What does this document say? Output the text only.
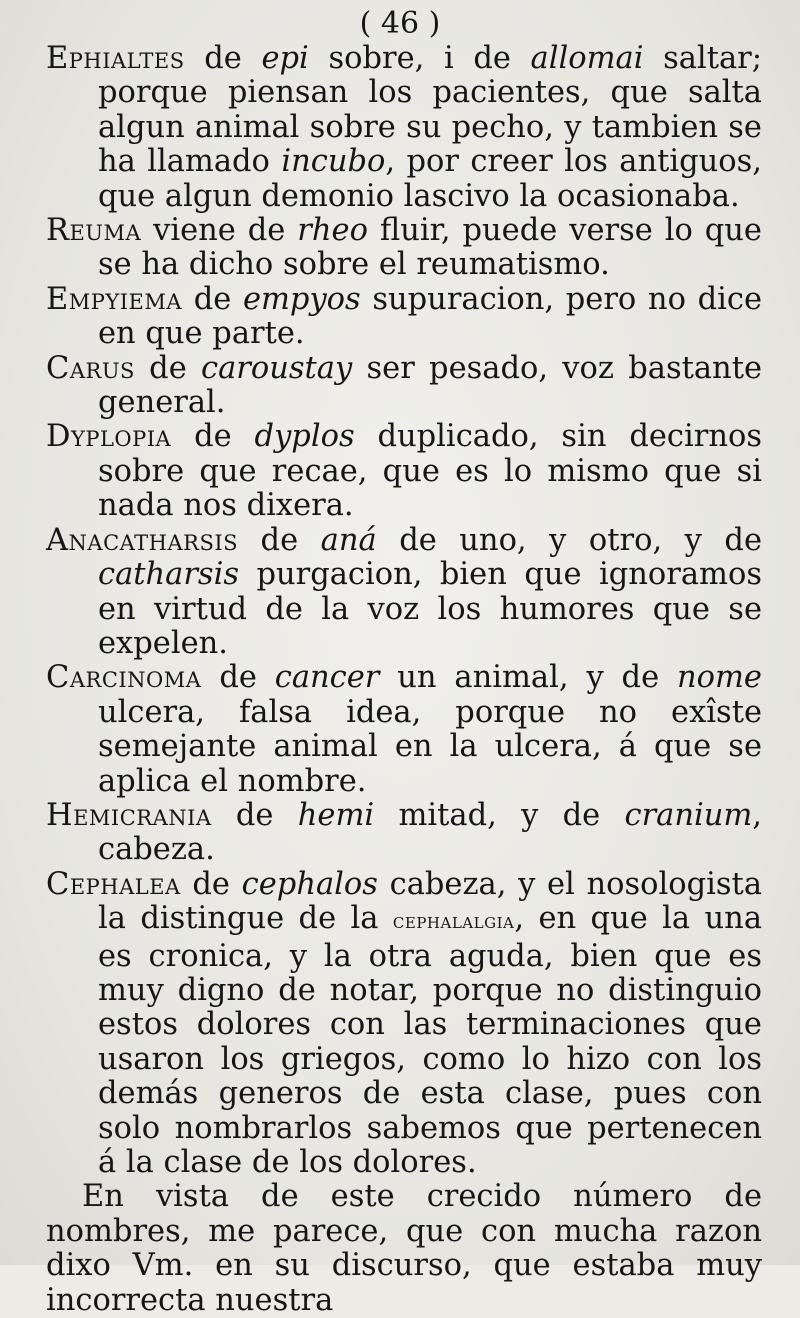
( 46 )

Ephialtes de epi sobre, i de allomai saltar; porque piensan los pacientes, que salta algun animal sobre su pecho, y tambien se ha llamado incubo, por creer los antiguos, que algun demonio lascivo la ocasionaba.

Reuma viene de rheo fluir, puede verse lo que se ha dicho sobre el reumatismo.

Empyiema de empyos supuracion, pero no dice en que parte.

Carus de caroustay ser pesado, voz bastante general.

Dyplopia de dyplos duplicado, sin decirnos sobre que recae, que es lo mismo que si nada nos dixera.

Anacatharsis de aná de uno, y otro, y de catharsis purgacion, bien que ignoramos en virtud de la voz los humores que se expelen.

Carcinoma de cancer un animal, y de nome ulcera, falsa idea, porque no exîste semejante animal en la ulcera, á que se aplica el nombre.

Hemicrania de hemi mitad, y de cranium, cabeza.

Cephalea de cephalos cabeza, y el nosologista la distingue de la cephalalgia, en que la una es cronica, y la otra aguda, bien que es muy digno de notar, porque no distinguio estos dolores con las terminaciones que usaron los griegos, como lo hizo con los demás generos de esta clase, pues con solo nombrarlos sabemos que pertenecen á la clase de los dolores.

En vista de este crecido número de nombres, me parece, que con mucha razon dixo Vm. en su discurso, que estaba muy incorrecta nuestra
